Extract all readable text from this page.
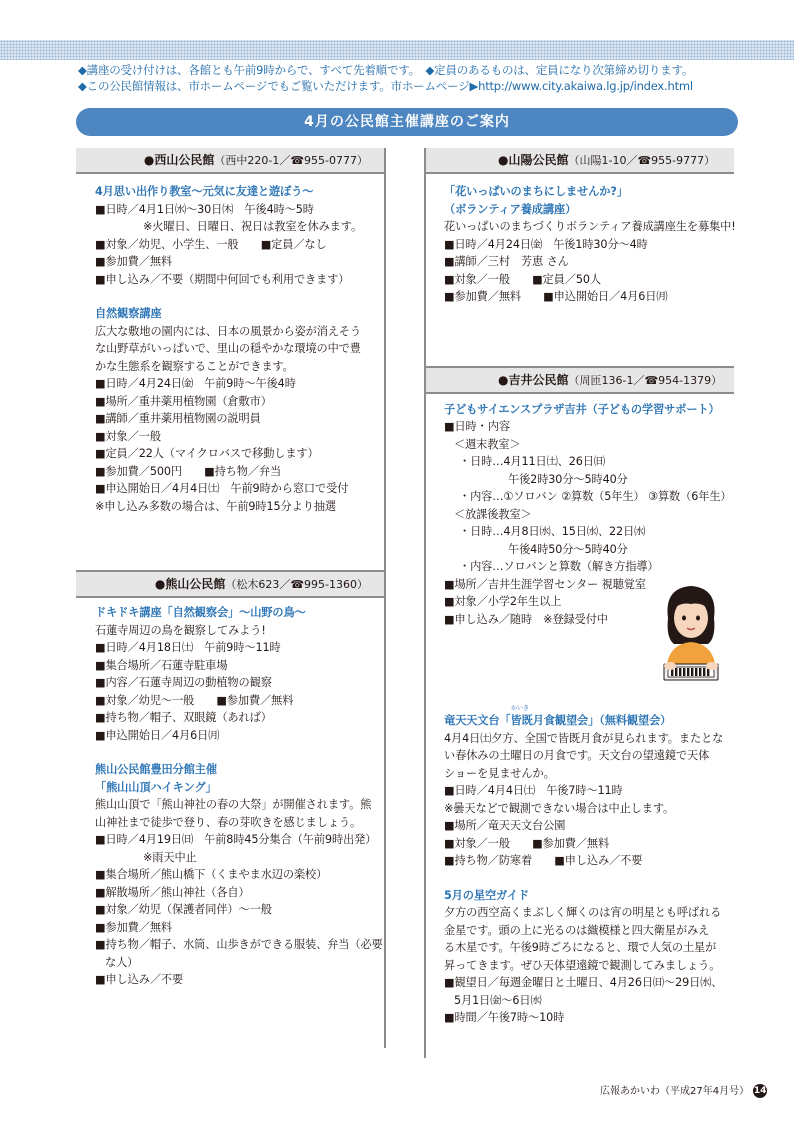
◆講座の受け付けは、各館とも午前9時からで、すべて先着順です。　◆定員のあるものは、定員になり次第締め切ります。
◆この公民館情報は、市ホームページでもご覧いただけます。市ホームページ▶http://www.city.akaiwa.lg.jp/index.html
4月の公民館主催講座のご案内
●西山公民館（西中220-1／☎955-0777）
4月思い出作り教室～元気に友達と遊ぼう～
■日時／4月1日㈬～30日㈭　午後4時～5時
※火曜日、日曜日、祝日は教室を休みます。
■対象／幼児、小学生、一般　　■定員／なし
■参加費／無料
■申し込み／不要（期間中何回でも利用できます）
自然観察講座
広大な敷地の園内には、日本の風景から姿が消えそう
な山野草がいっぱいで、里山の穏やかな環境の中で豊
かな生態系を観察することができます。
■日時／4月24日㈮　午前9時～午後4時
■場所／重井薬用植物園（倉敷市）
■講師／重井薬用植物園の説明員
■対象／一般
■定員／22人（マイクロバスで移動します）
■参加費／500円　　■持ち物／弁当
■申込開始日／4月4日㈯　午前9時から窓口で受付
※申し込み多数の場合は、午前9時15分より抽選
●熊山公民館（松木623／☎995-1360）
ドキドキ講座「自然観察会」～山野の鳥～
石蓮寺周辺の鳥を観察してみよう!
■日時／4月18日㈯　午前9時～11時
■集合場所／石蓮寺駐車場
■内容／石蓮寺周辺の動植物の観察
■対象／幼児～一般　　■参加費／無料
■持ち物／帽子、双眼鏡（あれば）
■申込開始日／4月6日㈪
熊山公民館豊田分館主催
「熊山山頂ハイキング」
熊山山頂で「熊山神社の春の大祭」が開催されます。熊
山神社まで徒歩で登り、春の芽吹きを感じましょう。
■日時／4月19日㈰　午前8時45分集合（午前9時出発）
※雨天中止
■集合場所／熊山橋下（くまやま水辺の楽校）
■解散場所／熊山神社（各自）
■対象／幼児（保護者同伴）～一般
■参加費／無料
■持ち物／帽子、水筒、山歩きができる服装、弁当（必要
な人）
■申し込み／不要
●山陽公民館（山陽1-10／☎955-9777）
「花いっぱいのまちにしませんか?」
（ボランティア養成講座）
花いっぱいのまちづくりボランティア養成講座生を募集中!
■日時／4月24日㈮　午後1時30分～4時
■講師／三村　芳恵 さん
■対象／一般　　■定員／50人
■参加費／無料　　■申込開始日／4月6日㈪
●吉井公民館（周匝136-1／☎954-1379）
子どもサイエンスプラザ吉井（子どもの学習サポート）
■日時・内容
＜週末教室＞
・日時…4月11日㈯、26日㈰
午後2時30分～5時40分
・内容…①ソロバン ②算数（5年生） ③算数（6年生）
＜放課後教室＞
・日時…4月8日㈬、15日㈬、22日㈬
午後4時50分～5時40分
・内容…ソロバンと算数（解き方指導）
■場所／吉井生涯学習センター 視聴覚室
■対象／小学2年生以上
■申し込み／随時　※登録受付中
竜天天文台「皆既月食観望会」（無料観望会）
4月4日㈯夕方、全国で皆既月食が見られます。またとな
い春休みの土曜日の月食です。天文台の望遠鏡で天体
ショーを見ませんか。
■日時／4月4日㈯　午後7時～11時
※曇天などで観測できない場合は中止します。
■場所／竜天天文台公園
■対象／一般　　■参加費／無料
■持ち物／防寒着　　■申し込み／不要
5月の星空ガイド
夕方の西空高くまぶしく輝くのは宵の明星とも呼ばれる
金星です。頭の上に光るのは織模様と四大衛星がみえ
る木星です。午後9時ごろになると、環で人気の土星が
昇ってきます。ぜひ天体望遠鏡で観測してみましょう。
■観望日／毎週金曜日と土曜日、4月26日㈰～29日㈬、
5月1日㈮～6日㈬
■時間／午後7時～10時
かいき
広報あかいわ（平成27年4月号） 14
